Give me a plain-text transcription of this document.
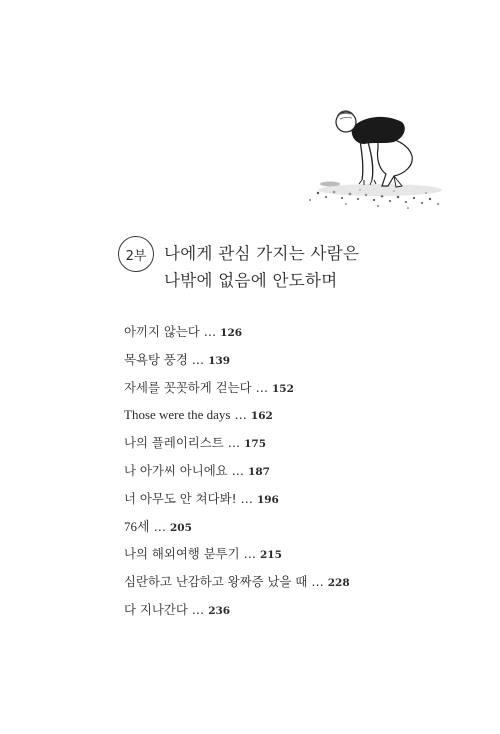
2부	나에게 관심 가지는 사람은
나밖에 없음에 안도하며
아끼지 않는다 … 126
목욕탕 풍경 … 139
자세를 꼿꼿하게 걷는다 … 152
Those were the days … 162
나의 플레이리스트 … 175
나 아가씨 아니에요 … 187
너 아무도 안 쳐다봐! … 196
76세 … 205
나의 해외여행 분투기 … 215
심란하고 난감하고 왕짜증 났을 때 … 228
다 지나간다 … 236
